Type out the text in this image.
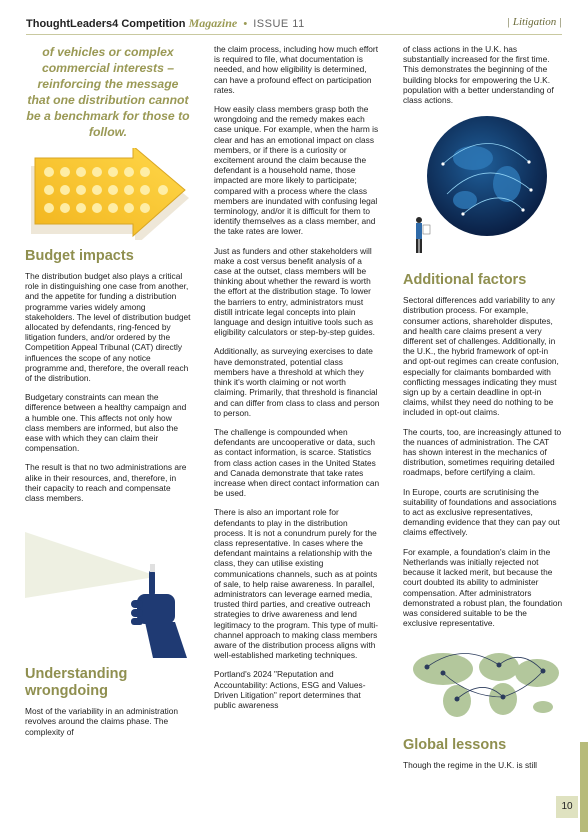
ThoughtLeaders4 Competition Magazine • ISSUE 11	| Litigation |
of vehicles or complex commercial interests – reinforcing the message that one distribution cannot be a benchmark for those to follow.
Budget impacts

The distribution budget also plays a critical role in distinguishing one case from another, and the appetite for funding a distribution programme varies widely among stakeholders. The level of distribution budget allocated by defendants, ring-fenced by litigation funders, and/or ordered by the Competition Appeal Tribunal (CAT) directly influences the scope of any notice programme and, therefore, the overall reach of the distribution.

Budgetary constraints can mean the difference between a healthy campaign and a humble one. This affects not only how class members are informed, but also the ease with which they can claim their compensation.

The result is that no two administrations are alike in their resources, and, therefore, in their capacity to reach and compensate class members.

Understanding wrongdoing

Most of the variability in an administration revolves around the claims phase. The complexity of

the claim process, including how much effort is required to file, what documentation is needed, and how eligibility is determined, can have a profound effect on participation rates.

How easily class members grasp both the wrongdoing and the remedy makes each case unique. For example, when the harm is clear and has an emotional impact on class members, or if there is a curiosity or excitement around the claim because the defendant is a household name, those impacted are more likely to participate; compared with a process where the class members are inundated with confusing legal terminology, and/or it is difficult for them to identify themselves as a class member, and the take rates are lower.

Just as funders and other stakeholders will make a cost versus benefit analysis of a case at the outset, class members will be thinking about whether the reward is worth the effort at the distribution stage. To lower the barriers to entry, administrators must distill intricate legal concepts into plain language and design intuitive tools such as eligibility calculators or step-by-step guides.

Additionally, as surveying exercises to date have demonstrated, potential class members have a threshold at which they think it's worth claiming or not worth claiming. Primarily, that threshold is financial and can differ from class to class and person to person.

The challenge is compounded when defendants are uncooperative or data, such as contact information, is scarce. Statistics from class action cases in the United States and Canada demonstrate that take rates increase when direct contact information can be used.

There is also an important role for defendants to play in the distribution process. It is not a conundrum purely for the class representative. In cases where the defendant maintains a relationship with the class, they can utilise existing communications channels, such as at points of sale, to help raise awareness. In parallel, administrators can leverage earned media, trusted third parties, and creative outreach strategies to drive awareness and lend legitimacy to the program. This type of multi-channel approach to making class members aware of the distribution process aligns with well-established marketing techniques.

Portland's 2024 "Reputation and Accountability: Actions, ESG and Values-Driven Litigation" report determines that public awareness

of class actions in the U.K. has substantially increased for the first time. This demonstrates the beginning of the building blocks for empowering the U.K. population with a better understanding of class actions.

Additional factors

Sectoral differences add variability to any distribution process. For example, consumer actions, shareholder disputes, and health care claims present a very different set of challenges. Additionally, in the U.K., the hybrid framework of opt-in and opt-out regimes can create confusion, especially for claimants bombarded with conflicting messages indicating they must sign up by a certain deadline in opt-in claims, whilst they need do nothing to be included in opt-out claims.

The courts, too, are increasingly attuned to the nuances of administration. The CAT has shown interest in the mechanics of distribution, sometimes requiring detailed roadmaps, before certifying a claim.

In Europe, courts are scrutinising the suitability of foundations and associations to act as exclusive representatives, demanding evidence that they can pay out claims effectively.

For example, a foundation's claim in the Netherlands was initially rejected not because it lacked merit, but because the court doubted its ability to administer compensation. After administrators demonstrated a robust plan, the foundation was considered suitable to be the exclusive representative.

Global lessons

Though the regime in the U.K. is still

10
